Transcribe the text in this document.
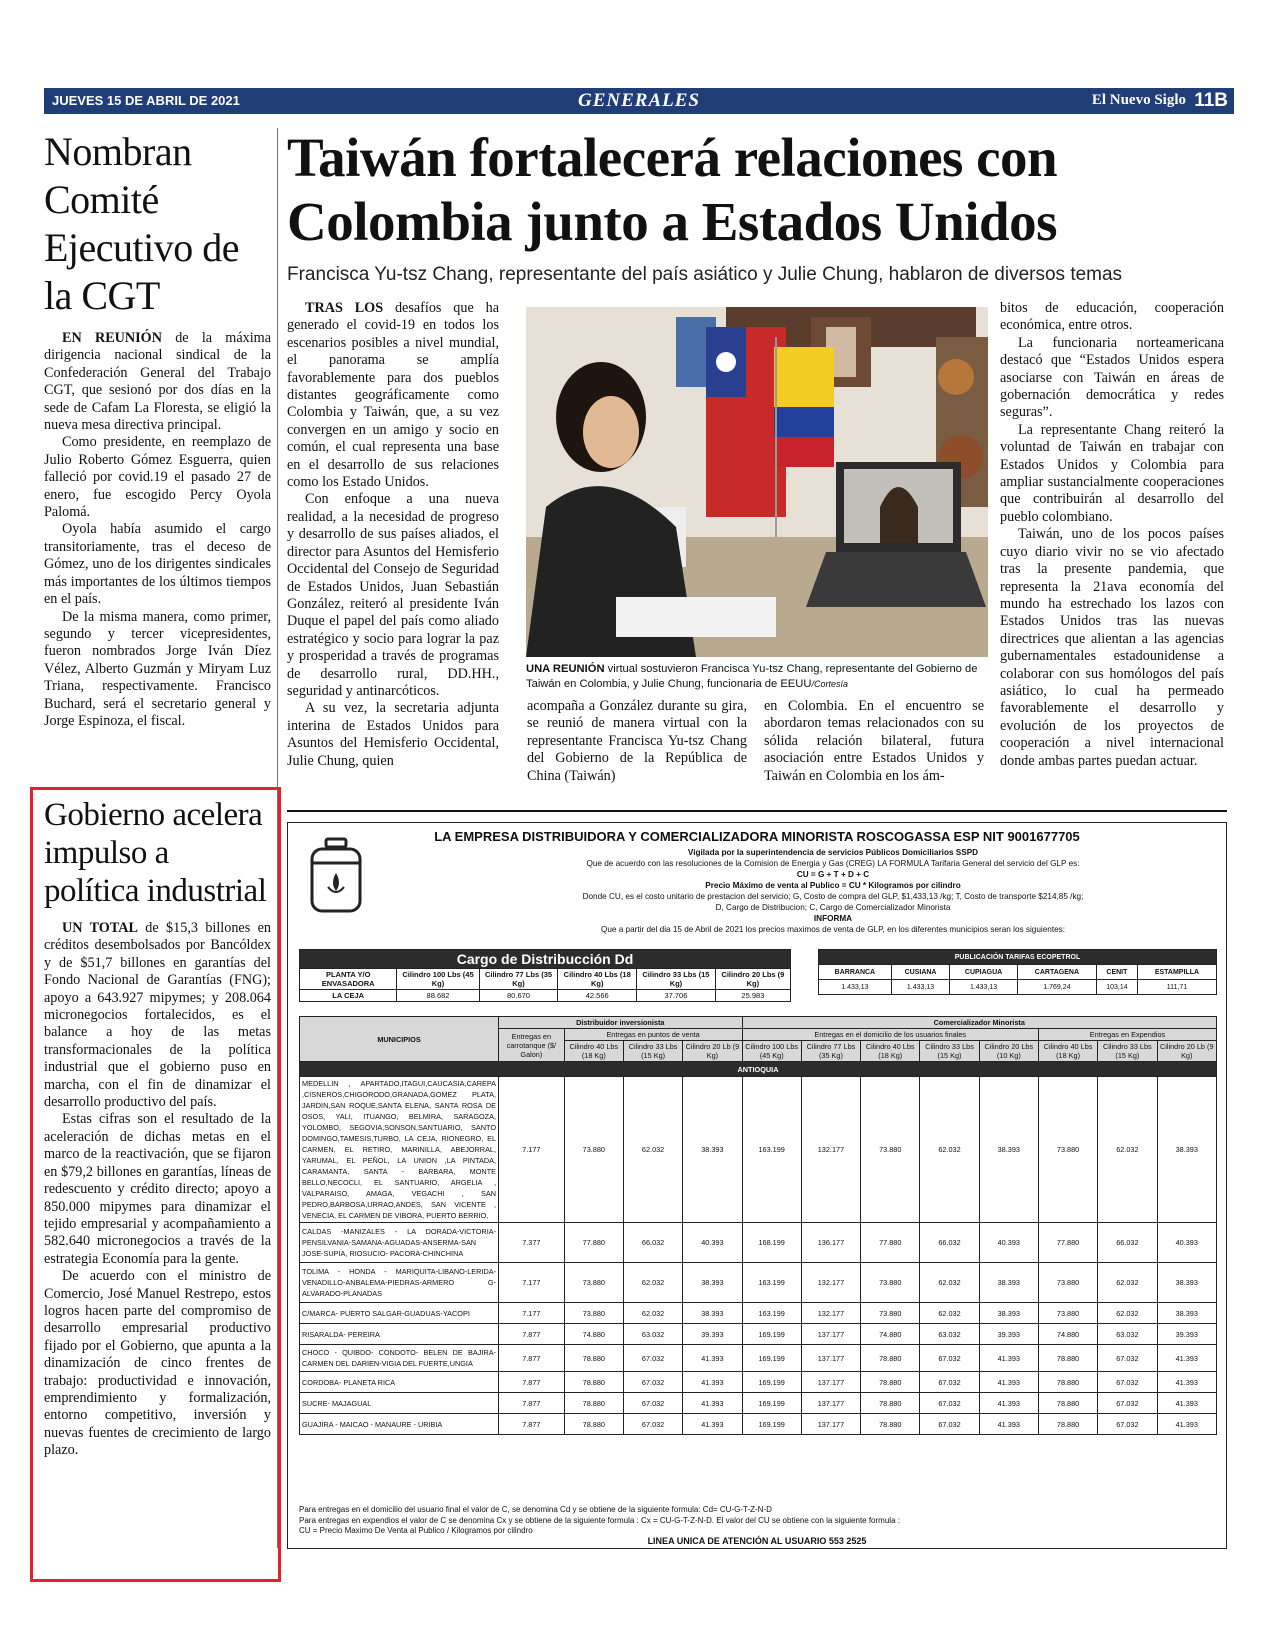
JUEVES 15 DE ABRIL DE 2021	GENERALES	El Nuevo Siglo 11B
Nombran Comité Ejecutivo de la CGT

EN REUNIÓN de la máxima dirigencia nacional sindical de la Confederación General del Trabajo CGT, que sesionó por dos días en la sede de Cafam La Floresta, se eligió la nueva mesa directiva principal.

Como presidente, en reemplazo de Julio Roberto Gómez Esguerra, quien falleció por covid.19 el pasado 27 de enero, fue escogido Percy Oyola Palomá.

Oyola había asumido el cargo transitoriamente, tras el deceso de Gómez, uno de los dirigentes sindicales más importantes de los últimos tiempos en el país.

De la misma manera, como primer, segundo y tercer vicepresidentes, fueron nombrados Jorge Iván Díez Vélez, Alberto Guzmán y Miryam Luz Triana, respectivamente. Francisco Buchard, será el secretario general y Jorge Espinoza, el fiscal.

Gobierno acelera impulso a política industrial

UN TOTAL de $15,3 billones en créditos desembolsados por Bancóldex y de $51,7 billones en garantías del Fondo Nacional de Garantías (FNG); apoyo a 643.927 mipymes; y 208.064 micronegocios fortalecidos, es el balance a hoy de las metas transformacionales de la política industrial que el gobierno puso en marcha, con el fin de dinamizar el desarrollo productivo del país.

Estas cifras son el resultado de la aceleración de dichas metas en el marco de la reactivación, que se fijaron en $79,2 billones en garantías, líneas de redescuento y crédito directo; apoyo a 850.000 mipymes para dinamizar el tejido empresarial y acompañamiento a 582.640 micronegocios a través de la estrategia Economía para la gente.

De acuerdo con el ministro de Comercio, José Manuel Restrepo, estos logros hacen parte del compromiso de desarrollo empresarial productivo fijado por el Gobierno, que apunta a la dinamización de cinco frentes de trabajo: productividad e innovación, emprendimiento y formalización, entorno competitivo, inversión y nuevas fuentes de crecimiento de largo plazo.

Taiwán fortalecerá relaciones con Colombia junto a Estados Unidos
Francisca Yu-tsz Chang, representante del país asiático y Julie Chung, hablaron de diversos temas

TRAS LOS desafíos que ha generado el covid-19 en todos los escenarios posibles a nivel mundial, el panorama se amplía favorablemente para dos pueblos distantes geográficamente como Colombia y Taiwán, que, a su vez convergen en un amigo y socio en común, el cual representa una base en el desarrollo de sus relaciones como los Estado Unidos.

Con enfoque a una nueva realidad, a la necesidad de progreso y desarrollo de sus países aliados, el director para Asuntos del Hemisferio Occidental del Consejo de Seguridad de Estados Unidos, Juan Sebastián González, reiteró al presidente Iván Duque el papel del país como aliado estratégico y socio para lograr la paz y prosperidad a través de programas de desarrollo rural, DD.HH., seguridad y antinarcóticos.

A su vez, la secretaria adjunta interina de Estados Unidos para Asuntos del Hemisferio Occidental, Julie Chung, quien

UNA REUNIÓN virtual sostuvieron Francisca Yu-tsz Chang, representante del Gobierno de Taiwán en Colombia, y Julie Chung, funcionaria de EEUU/Cortesía

acompaña a González durante su gira, se reunió de manera virtual con la representante Francisca Yu-tsz Chang del Gobierno de la República de China (Taiwán)

en Colombia. En el encuentro se abordaron temas relacionados con su sólida relación bilateral, futura asociación entre Estados Unidos y Taiwán en Colombia en los ám-

bitos de educación, cooperación económica, entre otros.

La funcionaria norteamericana destacó que “Estados Unidos espera asociarse con Taiwán en áreas de gobernación democrática y redes seguras”.

La representante Chang reiteró la voluntad de Taiwán en trabajar con Estados Unidos y Colombia para ampliar sustancialmente cooperaciones que contribuirán al desarrollo del pueblo colombiano.

Taiwán, uno de los pocos países cuyo diario vivir no se vio afectado tras la presente pandemia, que representa la 21ava economía del mundo ha estrechado los lazos con Estados Unidos tras las nuevas directrices que alientan a las agencias gubernamentales estadounidense a colaborar con sus homólogos del país asiático, lo cual ha permeado favorablemente el desarrollo y evolución de los proyectos de cooperación a nivel internacional donde ambas partes puedan actuar.

LA EMPRESA DISTRIBUIDORA Y COMERCIALIZADORA MINORISTA ROSCOGASSA ESP NIT 9001677705
Vigilada por la superintendencia de servicios Públicos Domiciliarios SSPD
Que de acuerdo con las resoluciones de la Comision de Energia y Gas (CREG) LA FORMULA Tarifaria General del servicio del GLP es:
CU = G + T + D + C
Precio Máximo de venta al Publico = CU * Kilogramos por cilindro
Donde CU, es el costo unitario de prestacion del servicio; G, Costo de compra del GLP, $1,433,13 /kg; T, Costo de transporte $214,85 /kg;
D, Cargo de Distribucion; C, Cargo de Comercializador Minorista
INFORMA
Que a partir del dia 15 de Abril de 2021 los precios maximos de venta de GLP, en los diferentes municipios seran los siguientes:
Cargo de Distribucción Dd					
PLANTA Y/O ENVASADORA	Cilindro 100 Lbs (45 Kg)	Cilindro 77 Lbs (35 Kg)	Cilindro 40 Lbs (18 Kg)	Cilindro 33 Lbs (15 Kg)	Cilindro 20 Lbs (9 Kg)
LA CEJA	88.682	80.670	42.566	37.706	25.983
PUBLICACIÓN TARIFAS ECOPETROL					
BARRANCA	CUSIANA	CUPIAGUA	CARTAGENA	CENIT	ESTAMPILLA
1.433,13	1.433,13	1.433,13	1.769,24	103,14	111,71
MUNICIPIOS	Distribuidor inversionista				Comercializador Minorista							
	Entregas en carrotanque ($/ Galon)	Entregas en puntos de venta			Entregas en el domicilio de los usuarios finales					Entregas en Expendios		
		Cilindro 40 Lbs (18 Kg)	Cilindro 33 Lbs (15 Kg)	Cilindro 20 Lb (9 Kg)	Cilindro 100 Lbs (45 Kg)	Cilindro 77 Lbs (35 Kg)	Cilindro 40 Lbs (18 Kg)	Cilindro 33 Lbs (15 Kg)	Cilindro 20 Lbs (10 Kg)	Cilindro 40 Lbs (18 Kg)	Cilindro 33 Lbs (15 Kg)	Cilindro 20 Lb (9 Kg)
ANTIOQUIA												
MEDELLIN , APARTADO,ITAGUI,CAUCASIA,CAREPA ,CISNEROS,CHIGORODO,GRANADA,GOMEZ PLATA, JARDIN,SAN ROQUE,SANTA ELENA, SANTA ROSA DE OSOS, YALI, ITUANGO, BELMIRA, SARAGOZA, YOLOMBO, SEGOVIA,SONSON,SANTUARIO, SANTO DOMINGO,TAMESIS,TURBO, LA CEJA, RIONEGRO, EL CARMEN, EL RETIRO, MARINILLA, ABEJORRAL, YARUMAL, EL PEÑOL, LA UNION ,LA PINTADA, CARAMANTA, SANTA - BARBARA, MONTE BELLO,NECOCLI, EL SANTUARIO, ARGELIA , VALPARAISO, AMAGA, VEGACHI , SAN PEDRO,BARBOSA,URRAO,ANDES, SAN VICENTE , VENECIA, EL CARMEN DE VIBORA, PUERTO BERRIO,	7.177	73.880	62.032	38.393	163.199	132.177	73.880	62.032	38.393	73.880	62.032	38.393
CALDAS -MANIZALES - LA DORADA-VICTORIA-PENSILVANIA-SAMANA-AGUADAS-ANSERMA-SAN JOSE-SUPIA, RIOSUCIO- PACORA-CHINCHINA	7.377	77.880	66.032	40.393	168.199	136.177	77.880	66.032	40.393	77.880	66.032	40.393
TOLIMA - HONDA - MARIQUITA-LIBANO-LERIDA-VENADILLO-ANBALEMA-PIEDRAS-ARMERO G-ALVARADO-PLANADAS	7.177	73.880	62.032	38.393	163.199	132.177	73.880	62.032	38.393	73.880	62.032	38.393
C/MARCA- PUERTO SALGAR-GUADUAS-YACOPI	7.177	73.880	62.032	38.393	163.199	132.177	73.880	62.032	38.393	73.880	62.032	38.393
RISARALDA- PEREIRA	7.877	74.880	63.032	39.393	169.199	137.177	74.880	63.032	39.393	74.880	63.032	39.393
CHOCO - QUIBDO- CONDOTO- BELEN DE BAJIRA-CARMEN DEL DARIEN-VIGIA DEL FUERTE,UNGIA	7.877	78.880	67.032	41.393	169.199	137.177	78.880	67.032	41.393	78.880	67.032	41.393
CORDOBA- PLANETA RICA	7.877	78.880	67.032	41.393	169.199	137.177	78.880	67.032	41.393	78.880	67.032	41.393
SUCRE- MAJAGUAL	7.877	78.880	67.032	41.393	169.199	137.177	78.880	67.032	41.393	78.880	67.032	41.393
GUAJIRA - MAICAO - MANAURE - URIBIA	7.877	78.880	67.032	41.393	169.199	137.177	78.880	67.032	41.393	78.880	67.032	41.393
Para entregas en el domicilio del usuario final el valor de C, se denomina Cd y se obtiene de la siguiente formula: Cd= CU-G-T-Z-N-D
Para entregas en expendios el valor de C se denomina Cx y se obtiene de la siguiente formula : Cx = CU-G-T-Z-N-D. El valor del CU se obtiene con la siguiente formula :
CU = Precio Maximo De Venta al Publico / Kilogramos por cilindro
LINEA UNICA DE ATENCIÓN AL USUARIO 553 2525
